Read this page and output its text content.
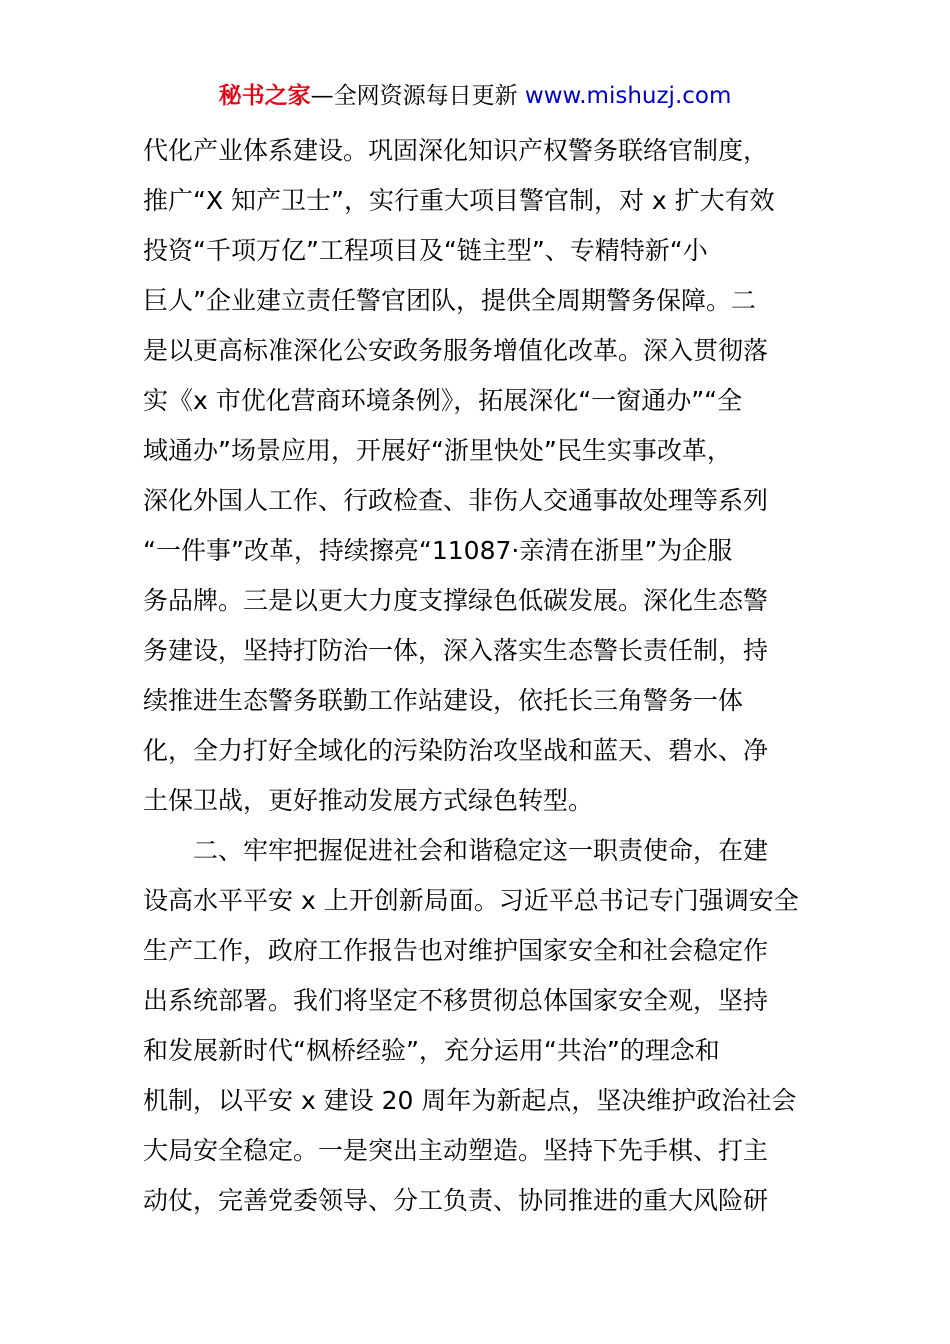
秘书之家—全网资源每日更新 www.mishuzj.com
代化产业体系建设。巩固深化知识产权警务联络官制度，
推广“X 知产卫士”，实行重大项目警官制，对 x 扩大有效
投资“千项万亿”工程项目及“链主型”、专精特新“小
巨人”企业建立责任警官团队，提供全周期警务保障。二
是以更高标准深化公安政务服务增值化改革。深入贯彻落
实《x 市优化营商环境条例》，拓展深化“一窗通办”“全
域通办”场景应用，开展好“浙里快处”民生实事改革，
深化外国人工作、行政检查、非伤人交通事故处理等系列
“一件事”改革，持续擦亮“11087·亲清在浙里”为企服
务品牌。三是以更大力度支撑绿色低碳发展。深化生态警
务建设，坚持打防治一体，深入落实生态警长责任制，持
续推进生态警务联勤工作站建设，依托长三角警务一体
化，全力打好全域化的污染防治攻坚战和蓝天、碧水、净
土保卫战，更好推动发展方式绿色转型。
二、牢牢把握促进社会和谐稳定这一职责使命，在建
设高水平平安 x 上开创新局面。习近平总书记专门强调安全
生产工作，政府工作报告也对维护国家安全和社会稳定作
出系统部署。我们将坚定不移贯彻总体国家安全观，坚持
和发展新时代“枫桥经验”，充分运用“共治”的理念和
机制，以平安 x 建设 20 周年为新起点，坚决维护政治社会
大局安全稳定。一是突出主动塑造。坚持下先手棋、打主
动仗，完善党委领导、分工负责、协同推进的重大风险研
